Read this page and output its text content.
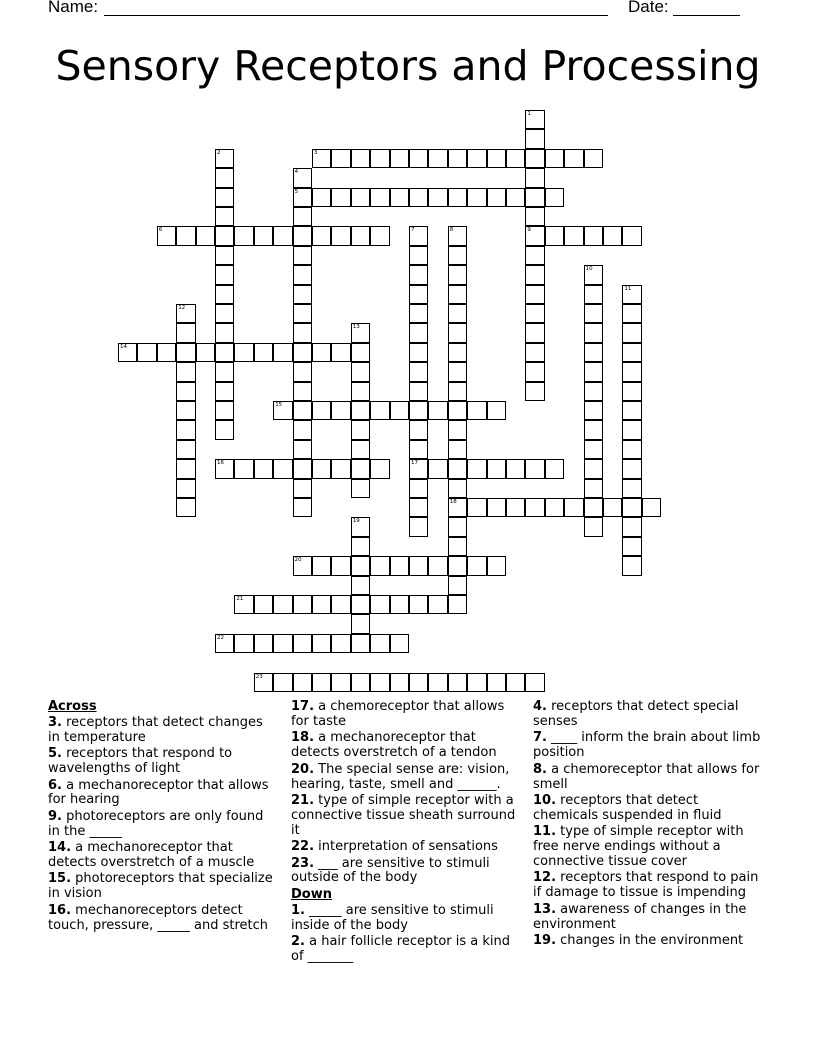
Name:	Date:
Sensory Receptors and Processing
1
9
2	3
4
5
6	7
17
8
18
10
11
12
13
14
15
16
19
20
21
22
23
Across
3. receptors that detect changes in temperature
5. receptors that respond to wavelengths of light
6. a mechanoreceptor that allows for hearing
9. photoreceptors are only found in the _____
14. a mechanoreceptor that detects overstretch of a muscle
15. photoreceptors that specialize in vision
16. mechanoreceptors detect touch, pressure, _____ and stretch
17. a chemoreceptor that allows for taste
18. a mechanoreceptor that detects overstretch of a tendon
20. The special sense are: vision, hearing, taste, smell and ______.
21. type of simple receptor with a connective tissue sheath surround it
22. interpretation of sensations
23. ___ are sensitive to stimuli outside of the body
Down
1. _____ are sensitive to stimuli inside of the body
2. a hair follicle receptor is a kind of _______
4. receptors that detect special senses
7. ____ inform the brain about limb position
8. a chemoreceptor that allows for smell
10. receptors that detect chemicals suspended in fluid
11. type of simple receptor with free nerve endings without a connective tissue cover
12. receptors that respond to pain if damage to tissue is impending
13. awareness of changes in the environment
19. changes in the environment
